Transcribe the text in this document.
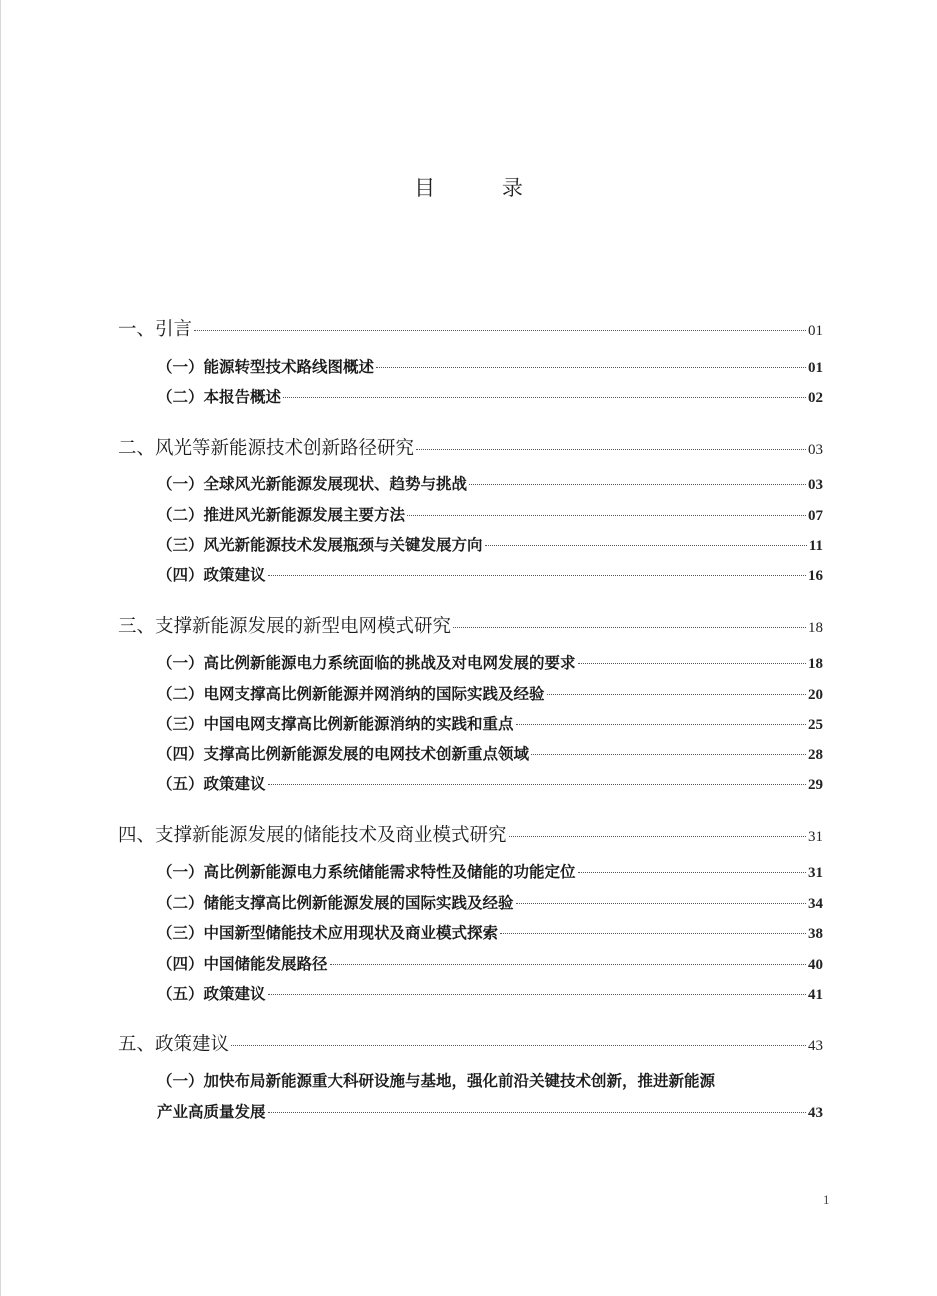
目 录
一、引言	01
（一）能源转型技术路线图概述	01
（二）本报告概述	02
二、风光等新能源技术创新路径研究	03
（一）全球风光新能源发展现状、趋势与挑战	03
（二）推进风光新能源发展主要方法	07
（三）风光新能源技术发展瓶颈与关键发展方向	11
（四）政策建议	16
三、支撑新能源发展的新型电网模式研究	18
（一）高比例新能源电力系统面临的挑战及对电网发展的要求	18
（二）电网支撑高比例新能源并网消纳的国际实践及经验	20
（三）中国电网支撑高比例新能源消纳的实践和重点	25
（四）支撑高比例新能源发展的电网技术创新重点领域	28
（五）政策建议	29
四、支撑新能源发展的储能技术及商业模式研究	31
（一）高比例新能源电力系统储能需求特性及储能的功能定位	31
（二）储能支撑高比例新能源发展的国际实践及经验	34
（三）中国新型储能技术应用现状及商业模式探索	38
（四）中国储能发展路径	40
（五）政策建议	41
五、政策建议	43
（一）加快布局新能源重大科研设施与基地，强化前沿关键技术创新，推进新能源
产业高质量发展	43
1
